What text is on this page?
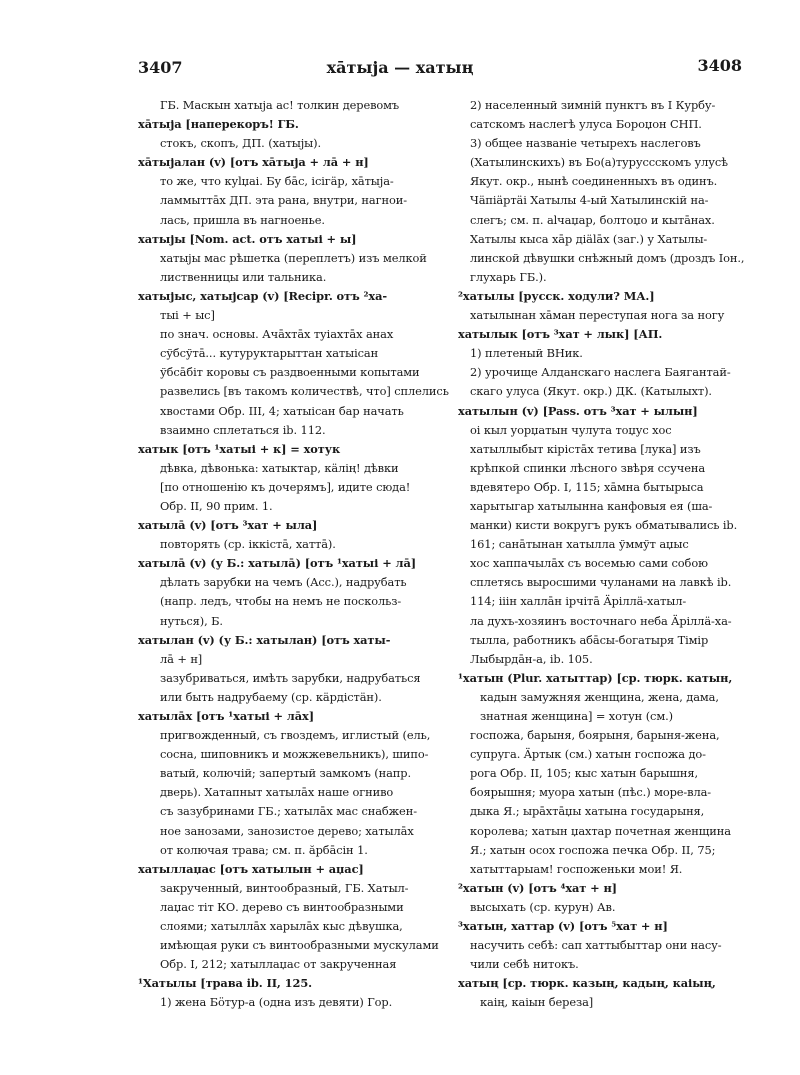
3407	хāтыја — хатың	3408
ГБ. Маскын хатыја ас! толкин деревомъ
хāтыја [наперекоръ! ГБ.
стокъ, скопъ, ДП. (хатыјы).
хāтыјалан (v) [отъ хāтыја + лā + н]
то же, что куlџаі. Бу бāс, ісігäр, хāтыја-
ламмыттāх ДП. эта рана, внутри, нагнои-
лась, пришла въ нагноенье.
хатыјы [Nom. act. отъ хатыі + ы]
хатыјы мас рѣшетка (переплетъ) изъ мелкой
лиственницы или тальника.
хатыјыс, хатыјсар (v) [Recipr. отъ ²ха-
тыі + ыс]
по знач. основы. Ачāхтāх туіахтāх анах
сўбсўтā... кутуруктарыттан хатыісан
ўбсāбіт коровы съ раздвоенными копытами
развелись [въ такомъ количествѣ, что] сплелись
хвостами Обр. III, 4; хатыісан бар начать
взаимно сплетаться ib. 112.
хатык [отъ ¹хатыі + к] = хотук
дѣвка, дѣвонька: хатыктар, кäлің! дѣвки
[по отношенію къ дочерямъ], идите сюда!
Обр. II, 90 прим. 1.
хатылā (v) [отъ ³хат + ыла]
повторять (ср. іккістā, хаттā).
хатылā (v) (у Б.: хатылā) [отъ ¹хатыі + лā]
дѣлать зарубки на чемъ (Acc.), надрубать
(напр. ледъ, чтобы на немъ не поскольз-
нуться), Б.
хатылан (v) (у Б.: хатылан) [отъ хаты-
лā + н]
зазубриваться, имѣть зарубки, надрубаться
или быть надрубаему (ср. кäрдістäн).
хатылāх [отъ ¹хатыі + лāх]
пригвожденный, съ гвоздемъ, иглистый (ель,
сосна, шиповникъ и можжевельникъ), шипо-
ватый, колючій; запертый замкомъ (напр.
дверь). Хатапныт хатылāх наше огниво
съ зазубринами ГБ.; хатылāх мас снабжен-
ное занозами, занозистое дерево; хатылāх
от колючая трава; см. п. ӑрбāсін 1.
хатыллаџас [отъ хатылын + аџас]
закрученный, винтообразный, ГБ. Хатыл-
лаџас тіт КО. дерево съ винтообразными
слоями; хатыллāх харылāх кыс дѣвушка,
имѣющая руки съ винтообразными мускулами
Обр. I, 212; хатыллаџас от закрученная
¹Хатылы [трава ib. II, 125.
1) жена Бӧтур-а (одна изъ девяти) Гор.
2) населенный зимній пунктъ въ I Курбу-
сатскомъ наслегѣ улуса Бороџон СНП.
3) общее названіе четырехъ наслеговъ
(Хатылинскихъ) въ Бо(а)туруссскомъ улусѣ
Якут. окр., нынѣ соединенныхъ въ одинъ.
Чäпіäртäі Хатылы 4-ый Хатылинскій на-
слегъ; см. п. аlчаџар, болтоџо и кытāнах.
Хатылы кыса хāр діälāх (заг.) у Хатылы-
линской дѣвушки снѣжный домъ (дроздъ Іон.,
глухарь ГБ.).
²хатылы [русск. ходули? МА.]
хатылынан хāман переступая нога за ногу
хатылык [отъ ³хат + лык] [АП.
1) плетеный ВНик.
2) урочище Алданскаго наслега Баягантай-
скаго улуса (Якут. окр.) ДК. (Катылыхт).
хатылын (v) [Pass. отъ ³хат + ылын]
оі кыл уорџатын чулута тоџус хос
хатыллыбыт кірістāх тетива [лука] изъ
крѣпкой спинки лѣсного звѣря ссучена
вдевятеро Обр. I, 115; хāмна бытырыса
харытыгар хатылынна канфовыя ея (ша-
манки) кисти вокругъ рукъ обматывались ib.
161; санāтынан хатылла ўммўт аџыс
хос хаппачылāх съ восемью сами собою
сплетясь выросшими чуланами на лавкѣ ib.
114; ііін халлāн ірчітā Äріллä-хатыл-
ла духъ-хозяинъ восточнаго неба Äріллä-ха-
тылла, работникъ абāсы-богатыря Тімір
Лыбырдāн-а, ib. 105.
¹хатын (Plur. хатыттар) [ср. тюрк. катын,
кадын замужняя женщина, жена, дама,
знатная женщина] = хотун (см.)
госпожа, барыня, боярыня, барыня-жена,
супруга. Äртык (см.) хатын госпожа до-
рога Обр. II, 105; кыс хатын барышня,
боярышня; муора хатын (пѣс.) море-вла-
дыка Я.; ырāхтāџы хатына государыня,
королева; хатын џахтар почетная женщина
Я.; хатын осох госпожа печка Обр. II, 75;
хатыттарыам! госпоженьки мои! Я.
²хатын (v) [отъ ⁴хат + н]
высыхать (ср. курун) Ав.
³хатын, хаттар (v) [отъ ⁵хат + н]
насучить себѣ: сап хаттыбыттар они насу-
чили себѣ нитокъ.
хатың [ср. тюрк. казың, кадың, каіың,
каің, каіын береза]
